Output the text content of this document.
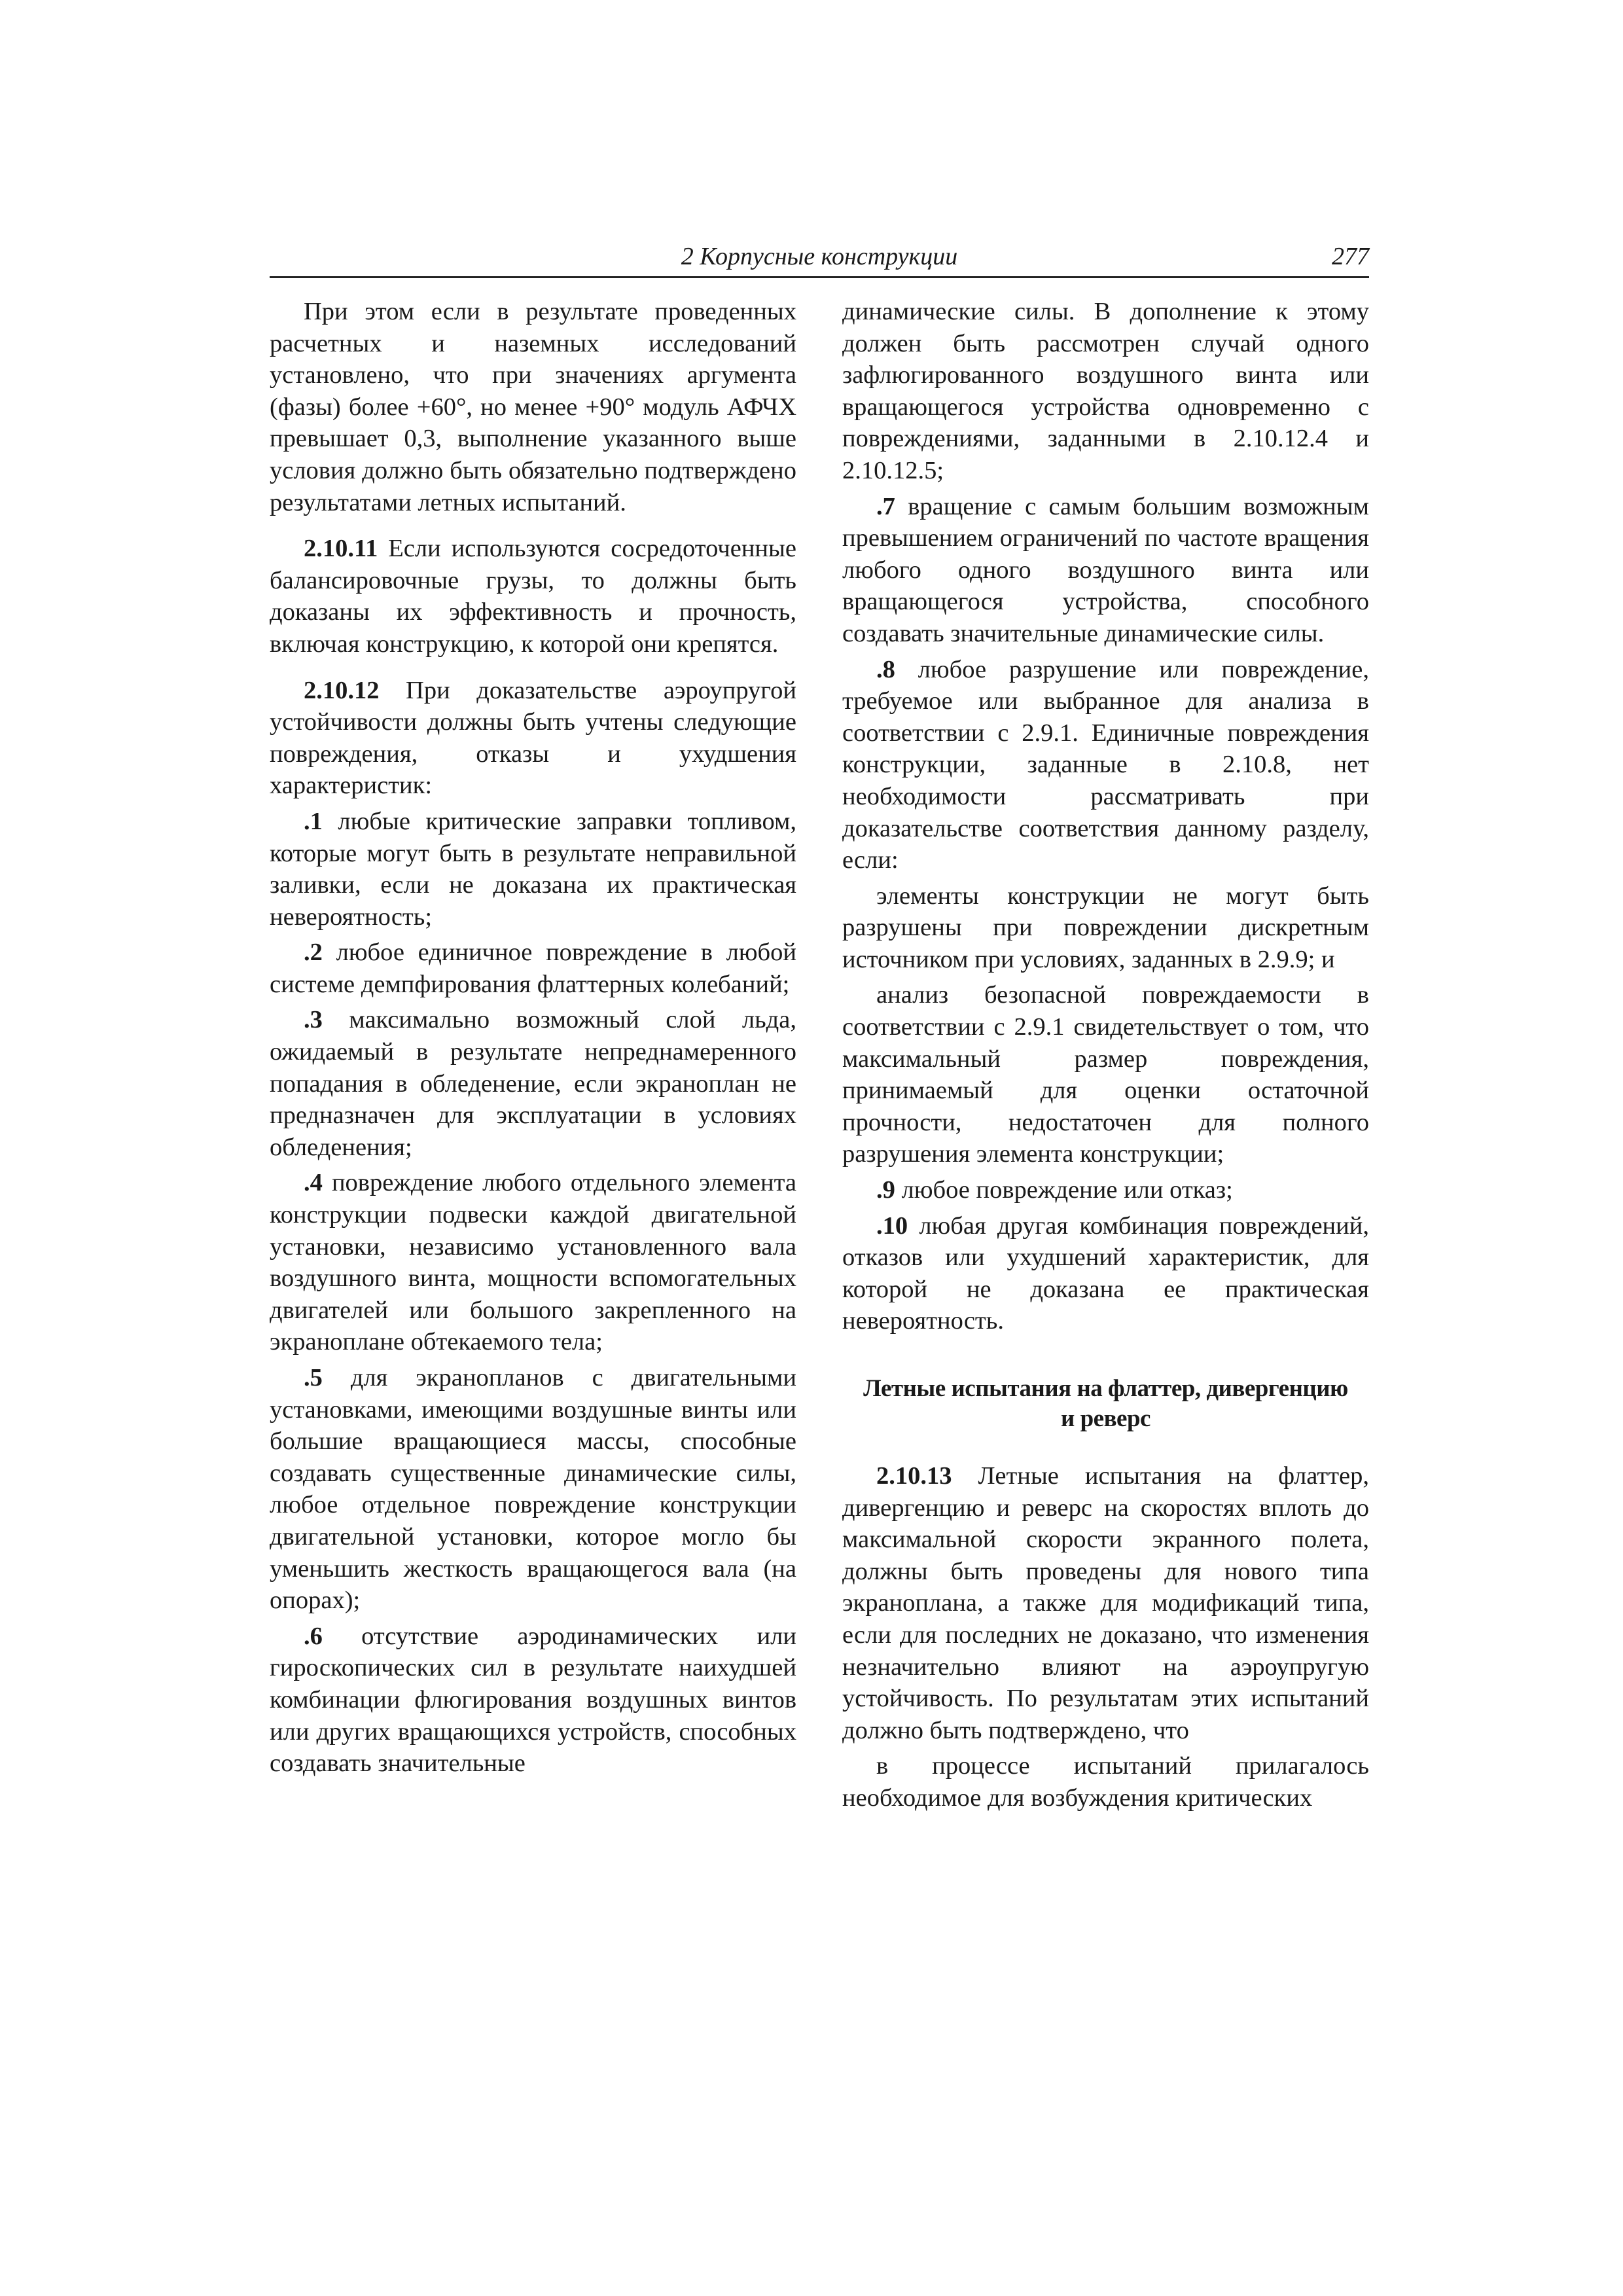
2 Корпусные конструкции	277

При этом если в результате проведенных расчетных и наземных исследований установлено, что при значениях аргумента (фазы) более +60°, но менее +90° модуль АФЧХ превышает 0,3, выполнение указанного выше условия должно быть обязательно подтверждено результатами летных испытаний.

2.10.11 Если используются сосредоточенные балансировочные грузы, то должны быть доказаны их эффективность и прочность, включая конструкцию, к которой они крепятся.

2.10.12 При доказательстве аэроупругой устойчивости должны быть учтены следующие повреждения, отказы и ухудшения характеристик:

.1 любые критические заправки топливом, которые могут быть в результате неправильной заливки, если не доказана их практическая невероятность;

.2 любое единичное повреждение в любой системе демпфирования флаттерных колебаний;

.3 максимально возможный слой льда, ожидаемый в результате непреднамеренного попадания в обледенение, если экраноплан не предназначен для эксплуатации в условиях обледенения;

.4 повреждение любого отдельного элемента конструкции подвески каждой двигательной установки, независимо установленного вала воздушного винта, мощности вспомогательных двигателей или большого закрепленного на экраноплане обтекаемого тела;

.5 для экранопланов с двигательными установками, имеющими воздушные винты или большие вращающиеся массы, способные создавать существенные динамические силы, любое отдельное повреждение конструкции двигательной установки, которое могло бы уменьшить жесткость вращающегося вала (на опорах);

.6 отсутствие аэродинамических или гироскопических сил в результате наихудшей комбинации флюгирования воздушных винтов или других вращающихся устройств, способных создавать значительные

динамические силы. В дополнение к этому должен быть рассмотрен случай одного зафлюгированного воздушного винта или вращающегося устройства одновременно с повреждениями, заданными в 2.10.12.4 и 2.10.12.5;

.7 вращение с самым большим возможным превышением ограничений по частоте вращения любого одного воздушного винта или вращающегося устройства, способного создавать значительные динамические силы.

.8 любое разрушение или повреждение, требуемое или выбранное для анализа в соответствии с 2.9.1. Единичные повреждения конструкции, заданные в 2.10.8, нет необходимости рассматривать при доказательстве соответствия данному разделу, если:

элементы конструкции не могут быть разрушены при повреждении дискретным источником при условиях, заданных в 2.9.9; и

анализ безопасной повреждаемости в соответствии с 2.9.1 свидетельствует о том, что максимальный размер повреждения, принимаемый для оценки остаточной прочности, недостаточен для полного разрушения элемента конструкции;

.9 любое повреждение или отказ;

.10 любая другая комбинация повреждений, отказов или ухудшений характеристик, для которой не доказана ее практическая невероятность.

Летные испытания на флаттер, дивергенцию
и реверс

2.10.13 Летные испытания на флаттер, дивергенцию и реверс на скоростях вплоть до максимальной скорости экранного полета, должны быть проведены для нового типа экраноплана, а также для модификаций типа, если для последних не доказано, что изменения незначительно влияют на аэроупругую устойчивость. По результатам этих испытаний должно быть подтверждено, что

в процессе испытаний прилагалось необходимое для возбуждения критических
